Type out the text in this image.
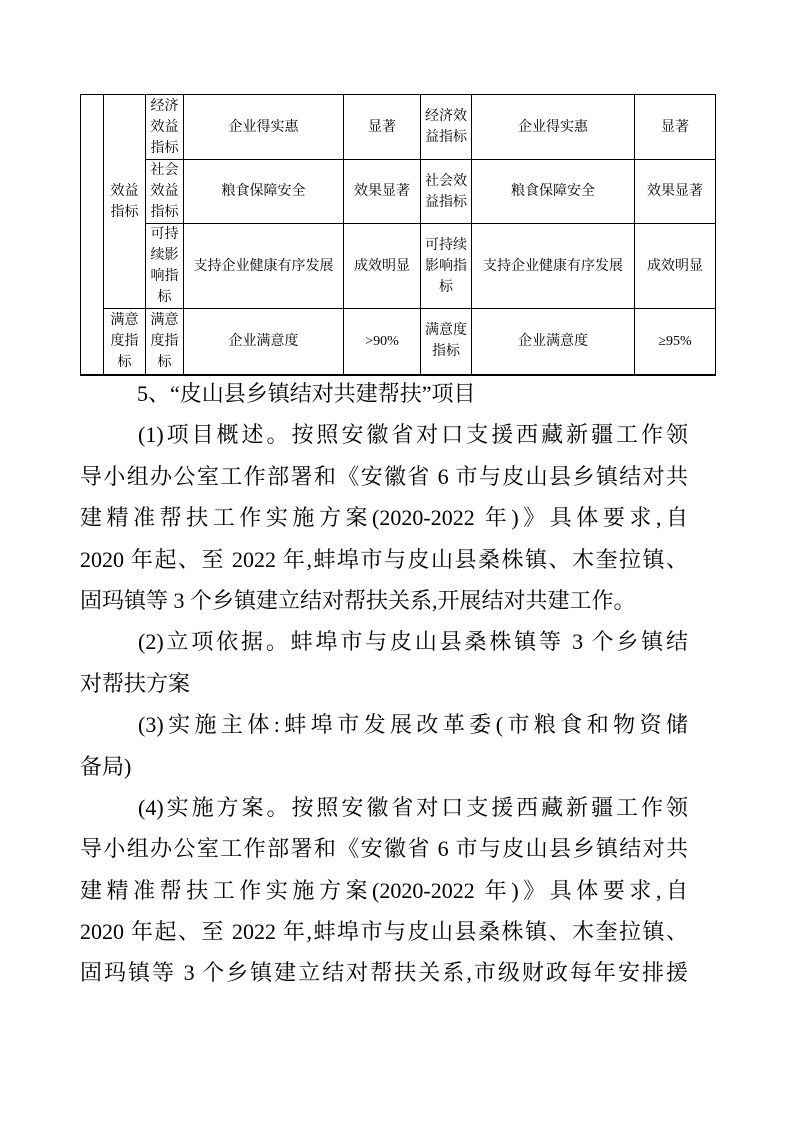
	效益指标	经济效益指标	企业得实惠	显著	经济效益指标	企业得实惠	显著
		社会效益指标	粮食保障安全	效果显著	社会效益指标	粮食保障安全	效果显著
		可持续影响指标	支持企业健康有序发展	成效明显	可持续影响指标	支持企业健康有序发展	成效明显
	满意度指标	满意度指标	企业满意度	>90%	满意度指标	企业满意度	≥95%
5、“皮山县乡镇结对共建帮扶”项目
(1)项目概述。按照安徽省对口支援西藏新疆工作领
导小组办公室工作部署和《安徽省 6 市与皮山县乡镇结对共
建精准帮扶工作实施方案(2020-2022 年)》具体要求,自
2020 年起、至 2022 年,蚌埠市与皮山县桑株镇、木奎拉镇、
固玛镇等 3 个乡镇建立结对帮扶关系,开展结对共建工作。
(2)立项依据。蚌埠市与皮山县桑株镇等 3 个乡镇结
对帮扶方案
(3)实施主体:蚌埠市发展改革委(市粮食和物资储
备局)
(4)实施方案。按照安徽省对口支援西藏新疆工作领
导小组办公室工作部署和《安徽省 6 市与皮山县乡镇结对共
建精准帮扶工作实施方案(2020-2022 年)》具体要求,自
2020 年起、至 2022 年,蚌埠市与皮山县桑株镇、木奎拉镇、
固玛镇等 3 个乡镇建立结对帮扶关系,市级财政每年安排援
